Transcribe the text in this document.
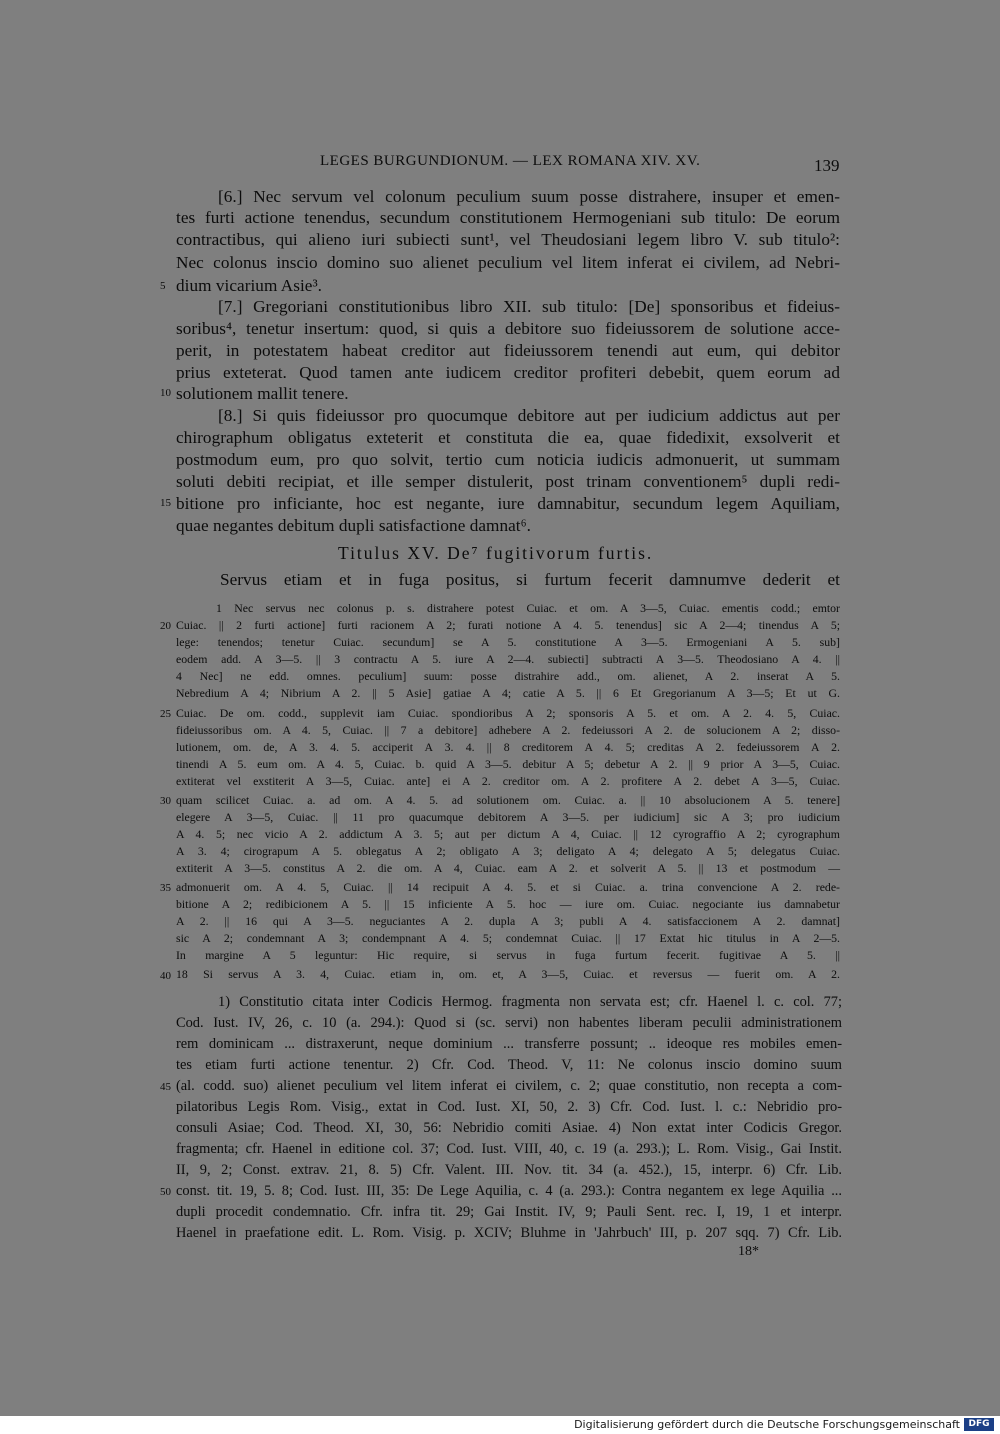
LEGES BURGUNDIONUM. — LEX ROMANA XIV. XV.	139
[6.] Nec servum vel colonum peculium suum posse distrahere, insuper et emen-
tes furti actione tenendus, secundum constitutionem Hermogeniani sub titulo: De eorum
contractibus, qui alieno iuri subiecti sunt¹, vel Theudosiani legem libro V. sub titulo²:
Nec colonus inscio domino suo alienet peculium vel litem inferat ei civilem, ad Nebri-
dium vicarium Asie³.
5
[7.] Gregoriani constitutionibus libro XII. sub titulo: [De] sponsoribus et fideius-
soribus⁴, tenetur insertum: quod, si quis a debitore suo fideiussorem de solutione acce-
perit, in potestatem habeat creditor aut fideiussorem tenendi aut eum, qui debitor
prius exteterat. Quod tamen ante iudicem creditor profiteri debebit, quem eorum ad
solutionem mallit tenere.
10
[8.] Si quis fideiussor pro quocumque debitore aut per iudicium addictus aut per
chirographum obligatus exteterit et constituta die ea, quae fidedixit, exsolverit et
postmodum eum, pro quo solvit, tertio cum noticia iudicis admonuerit, ut summam
soluti debiti recipiat, et ille semper distulerit, post trinam conventionem⁵ dupli redi-
bitione pro inficiante, hoc est negante, iure damnabitur, secundum legem Aquiliam,
15
quae negantes debitum dupli satisfactione damnat⁶.
Titulus XV. De⁷ fugitivorum furtis.
Servus etiam et in fuga positus, si furtum fecerit damnumve dederit et
1 Nec servus nec colonus p. s. distrahere potest Cuiac. et om. A 3—5, Cuiac. ementis codd.; emtor
Cuiac. || 2 furti actione] furti racionem A 2; furati notione A 4. 5. tenendus] sic A 2—4; tinendus A 5;
20
lege: tenendos; tenetur Cuiac. secundum] se A 5. constitutione A 3—5. Ermogeniani A 5. sub]
eodem add. A 3—5. || 3 contractu A 5. iure A 2—4. subiecti] subtracti A 3—5. Theodosiano A 4. ||
4 Nec] ne edd. omnes. peculium] suum: posse distrahire add., om. alienet, A 2. inserat A 5.
Nebredium A 4; Nibrium A 2. || 5 Asie] gatiae A 4; catie A 5. || 6 Et Gregorianum A 3—5; Et ut G.
Cuiac. De om. codd., supplevit iam Cuiac. spondioribus A 2; sponsoris A 5. et om. A 2. 4. 5, Cuiac.
25
fideiussoribus om. A 4. 5, Cuiac. || 7 a debitore] adhebere A 2. fedeiussori A 2. de solucionem A 2; disso-
lutionem, om. de, A 3. 4. 5. acciperit A 3. 4. || 8 creditorem A 4. 5; creditas A 2. fedeiussorem A 2.
tinendi A 5. eum om. A 4. 5, Cuiac. b. quid A 3—5. debitur A 5; debetur A 2. || 9 prior A 3—5, Cuiac.
extiterat vel exstiterit A 3—5, Cuiac. ante] ei A 2. creditor om. A 2. profitere A 2. debet A 3—5, Cuiac.
quam scilicet Cuiac. a. ad om. A 4. 5. ad solutionem om. Cuiac. a. || 10 absolucionem A 5. tenere]
30
elegere A 3—5, Cuiac. || 11 pro quacumque debitorem A 3—5. per iudicium] sic A 3; pro iudicium
A 4. 5; nec vicio A 2. addictum A 3. 5; aut per dictum A 4, Cuiac. || 12 cyrograffio A 2; cyrographum
A 3. 4; cirograpum A 5. oblegatus A 2; obligato A 3; deligato A 4; delegato A 5; delegatus Cuiac.
extiterit A 3—5. constitus A 2. die om. A 4, Cuiac. eam A 2. et solverit A 5. || 13 et postmodum —
admonuerit om. A 4. 5, Cuiac. || 14 recipuit A 4. 5. et si Cuiac. a. trina convencione A 2. rede-
35
bitione A 2; redibicionem A 5. || 15 inficiente A 5. hoc — iure om. Cuiac. negociante ius damnabetur
A 2. || 16 qui A 3—5. neguciantes A 2. dupla A 3; publi A 4. satisfaccionem A 2. damnat]
sic A 2; condemnant A 3; condempnant A 4. 5; condemnat Cuiac. || 17 Extat hic titulus in A 2—5.
In margine A 5 leguntur: Hic require, si servus in fuga furtum fecerit. fugitivae A 5. ||
18 Si servus A 3. 4, Cuiac. etiam in, om. et, A 3—5, Cuiac. et reversus — fuerit om. A 2.
40
1) Constitutio citata inter Codicis Hermog. fragmenta non servata est; cfr. Haenel l. c. col. 77;
Cod. Iust. IV, 26, c. 10 (a. 294.): Quod si (sc. servi) non habentes liberam peculii administrationem
rem dominicam ... distraxerunt, neque dominium ... transferre possunt; .. ideoque res mobiles emen-
tes etiam furti actione tenentur. 2) Cfr. Cod. Theod. V, 11: Ne colonus inscio domino suum
(al. codd. suo) alienet peculium vel litem inferat ei civilem, c. 2; quae constitutio, non recepta a com-
45
pilatoribus Legis Rom. Visig., extat in Cod. Iust. XI, 50, 2. 3) Cfr. Cod. Iust. l. c.: Nebridio pro-
consuli Asiae; Cod. Theod. XI, 30, 56: Nebridio comiti Asiae. 4) Non extat inter Codicis Gregor.
fragmenta; cfr. Haenel in editione col. 37; Cod. Iust. VIII, 40, c. 19 (a. 293.); L. Rom. Visig., Gai Instit.
II, 9, 2; Const. extrav. 21, 8. 5) Cfr. Valent. III. Nov. tit. 34 (a. 452.), 15, interpr. 6) Cfr. Lib.
const. tit. 19, 5. 8; Cod. Iust. III, 35: De Lege Aquilia, c. 4 (a. 293.): Contra negantem ex lege Aquilia ...
50
dupli procedit condemnatio. Cfr. infra tit. 29; Gai Instit. IV, 9; Pauli Sent. rec. I, 19, 1 et interpr.
Haenel in praefatione edit. L. Rom. Visig. p. XCIV; Bluhme in 'Jahrbuch' III, p. 207 sqq. 7) Cfr. Lib.
18*
Digitalisierung gefördert durch die Deutsche Forschungsgemeinschaft DFG
